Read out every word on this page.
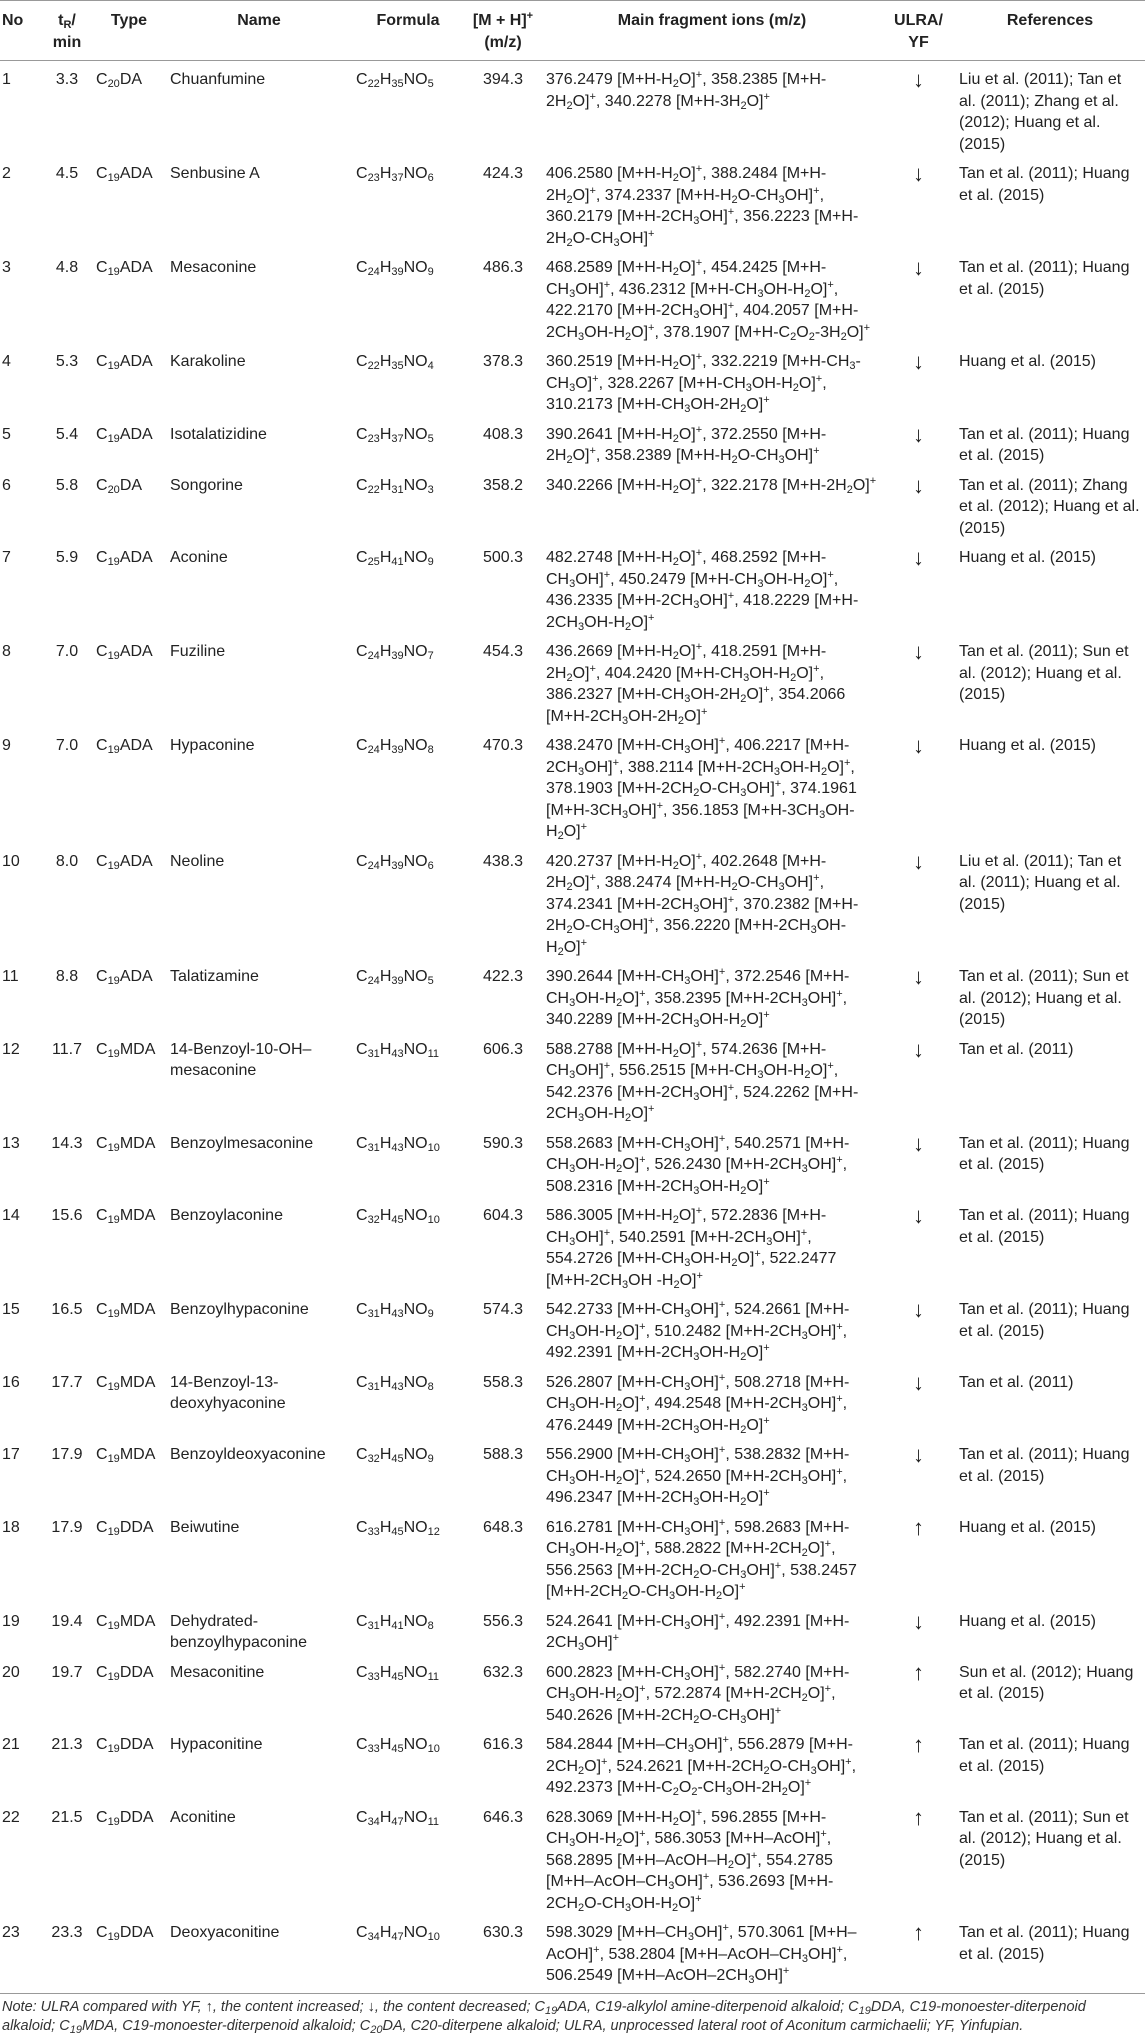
No	$t_R/$ min	Type	Name	Formula	[M + H]+ (m/z)	Main fragment ions (m/z)	ULRA/ YF	References
1	3.3	$C_{20}DA$	Chuanfumine	$C_{22}H_{35}NO_5$	394.3	376.2479 $[M+H-H_2O]^+$, 358.2385 $[M+H-2H_2O]^+$, 340.2278 $[M+H-3H_2O]^+$	↓	Liu et al. (2011); Tan et al. (2011); Zhang et al. (2012); Huang et al. (2015)
2	4.5	$C_{19}ADA$	Senbusine A	$C_{23}H_{37}NO_6$	424.3	406.2580 $[M+H-H_2O]^+$, 388.2484 $[M+H-2H_2O]^+$, 374.2337 $[M+H-H_2O-CH_3OH]^+$, 360.2179 $[M+H-2CH_3OH]^+$, 356.2223 $[M+H-2H_2O-CH_3OH]^+$	↓	Tan et al. (2011); Huang et al. (2015)
3	4.8	$C_{19}ADA$	Mesaconine	$C_{24}H_{39}NO_9$	486.3	468.2589 $[M+H-H_2O]^+$, 454.2425 $[M+H-CH_3OH]^+$, 436.2312 $[M+H-CH_3OH-H_2O]^+$, 422.2170 $[M+H-2CH_3OH]^+$, 404.2057 $[M+H-2CH_3OH-H_2O]^+$, 378.1907 $[M+H-C_2O_2-3H_2O]^+$	↓	Tan et al. (2011); Huang et al. (2015)
4	5.3	$C_{19}ADA$	Karakoline	$C_{22}H_{35}NO_4$	378.3	360.2519 $[M+H-H_2O]^+$, 332.2219 $[M+H-CH_3-CH_3O]^+$, 328.2267 $[M+H-CH_3OH-H_2O]^+$, 310.2173 $[M+H-CH_3OH-2H_2O]^+$	↓	Huang et al. (2015)
5	5.4	$C_{19}ADA$	Isotalatizidine	$C_{23}H_{37}NO_5$	408.3	390.2641 $[M+H-H_2O]^+$, 372.2550 $[M+H-2H_2O]^+$, 358.2389 $[M+H-H_2O-CH_3OH]^+$	↓	Tan et al. (2011); Huang et al. (2015)
6	5.8	$C_{20}DA$	Songorine	$C_{22}H_{31}NO_3$	358.2	340.2266 $[M+H-H_2O]^+$, 322.2178 $[M+H-2H_2O]^+$	↓	Tan et al. (2011); Zhang et al. (2012); Huang et al. (2015)
7	5.9	$C_{19}ADA$	Aconine	$C_{25}H_{41}NO_9$	500.3	482.2748 $[M+H-H_2O]^+$, 468.2592 $[M+H-CH_3OH]^+$, 450.2479 $[M+H-CH_3OH-H_2O]^+$, 436.2335 $[M+H-2CH_3OH]^+$, 418.2229 $[M+H-2CH_3OH-H_2O]^+$	↓	Huang et al. (2015)
8	7.0	$C_{19}ADA$	Fuziline	$C_{24}H_{39}NO_7$	454.3	436.2669 $[M+H-H_2O]^+$, 418.2591 $[M+H-2H_2O]^+$, 404.2420 $[M+H-CH_3OH-H_2O]^+$, 386.2327 $[M+H-CH_3OH-2H_2O]^+$, 354.2066 $[M+H-2CH_3OH-2H_2O]^+$	↓	Tan et al. (2011); Sun et al. (2012); Huang et al. (2015)
9	7.0	$C_{19}ADA$	Hypaconine	$C_{24}H_{39}NO_8$	470.3	438.2470 $[M+H-CH_3OH]^+$, 406.2217 $[M+H-2CH_3OH]^+$, 388.2114 $[M+H-2CH_3OH-H_2O]^+$, 378.1903 $[M+H-2CH_2O-CH_3OH]^+$, 374.1961 $[M+H-3CH_3OH]^+$, 356.1853 $[M+H-3CH_3OH-H_2O]^+$	↓	Huang et al. (2015)
10	8.0	$C_{19}ADA$	Neoline	$C_{24}H_{39}NO_6$	438.3	420.2737 $[M+H-H_2O]^+$, 402.2648 $[M+H-2H_2O]^+$, 388.2474 $[M+H-H_2O-CH_3OH]^+$, 374.2341 $[M+H-2CH_3OH]^+$, 370.2382 $[M+H-2H_2O-CH_3OH]^+$, 356.2220 $[M+H-2CH_3OH-H_2O]^+$	↓	Liu et al. (2011); Tan et al. (2011); Huang et al. (2015)
11	8.8	$C_{19}ADA$	Talatizamine	$C_{24}H_{39}NO_5$	422.3	390.2644 $[M+H-CH_3OH]^+$, 372.2546 $[M+H-CH_3OH-H_2O]^+$, 358.2395 $[M+H-2CH_3OH]^+$, 340.2289 $[M+H-2CH_3OH-H_2O]^+$	↓	Tan et al. (2011); Sun et al. (2012); Huang et al. (2015)
12	11.7	$C_{19}MDA$	14-Benzoyl-10-OH–mesaconine	$C_{31}H_{43}NO_{11}$	606.3	588.2788 $[M+H-H_2O]^+$, 574.2636 $[M+H-CH_3OH]^+$, 556.2515 $[M+H-CH_3OH-H_2O]^+$, 542.2376 $[M+H-2CH_3OH]^+$, 524.2262 $[M+H-2CH_3OH-H_2O]^+$	↓	Tan et al. (2011)
13	14.3	$C_{19}MDA$	Benzoylmesaconine	$C_{31}H_{43}NO_{10}$	590.3	558.2683 $[M+H-CH_3OH]^+$, 540.2571 $[M+H-CH_3OH-H_2O]^+$, 526.2430 $[M+H-2CH_3OH]^+$, 508.2316 $[M+H-2CH_3OH-H_2O]^+$	↓	Tan et al. (2011); Huang et al. (2015)
14	15.6	$C_{19}MDA$	Benzoylaconine	$C_{32}H_{45}NO_{10}$	604.3	586.3005 $[M+H-H_2O]^+$, 572.2836 $[M+H-CH_3OH]^+$, 540.2591 $[M+H-2CH_3OH]^+$, 554.2726 $[M+H-CH_3OH-H_2O]^+$, 522.2477 [$M+H-2CH_3OH$ $-H_2O]^+$	↓	Tan et al. (2011); Huang et al. (2015)
15	16.5	$C_{19}MDA$	Benzoylhypaconine	$C_{31}H_{43}NO_9$	574.3	542.2733 $[M+H-CH_3OH]^+$, 524.2661 $[M+H-CH_3OH-H_2O]^+$, 510.2482 $[M+H-2CH_3OH]^+$, 492.2391 $[M+H-2CH_3OH-H_2O]^+$	↓	Tan et al. (2011); Huang et al. (2015)
16	17.7	$C_{19}MDA$	14-Benzoyl-13-deoxyhyaconine	$C_{31}H_{43}NO_8$	558.3	526.2807 $[M+H-CH_3OH]^+$, 508.2718 $[M+H-CH_3OH-H_2O]^+$, 494.2548 $[M+H-2CH_3OH]^+$, 476.2449 $[M+H-2CH_3OH-H_2O]^+$	↓	Tan et al. (2011)
17	17.9	$C_{19}MDA$	Benzoyldeoxyaconine	$C_{32}H_{45}NO_9$	588.3	556.2900 $[M+H-CH_3OH]^+$, 538.2832 $[M+H-CH_3OH-H_2O]^+$, 524.2650 $[M+H-2CH_3OH]^+$, 496.2347 $[M+H-2CH_3OH-H_2O]^+$	↓	Tan et al. (2011); Huang et al. (2015)
18	17.9	$C_{19}DDA$	Beiwutine	$C_{33}H_{45}NO_{12}$	648.3	616.2781 $[M+H-CH_3OH]^+$, 598.2683 $[M+H-CH_3OH-H_2O]^+$, 588.2822 $[M+H-2CH_2O]^+$, 556.2563 $[M+H-2CH_2O-CH_3OH]^+$, 538.2457 $[M+H-2CH_2O-CH_3OH-H_2O]^+$	↑	Huang et al. (2015)
19	19.4	$C_{19}MDA$	Dehydrated-benzoylhypaconine	$C_{31}H_{41}NO_8$	556.3	524.2641 $[M+H-CH_3OH]^+$, 492.2391 $[M+H-2CH_3OH]^+$	↓	Huang et al. (2015)
20	19.7	$C_{19}DDA$	Mesaconitine	$C_{33}H_{45}NO_{11}$	632.3	600.2823 $[M+H-CH_3OH]^+$, 582.2740 $[M+H-CH_3OH-H_2O]^+$, 572.2874 $[M+H-2CH_2O]^+$, 540.2626 $[M+H-2CH_2O-CH_3OH]^+$	↑	Sun et al. (2012); Huang et al. (2015)
21	21.3	$C_{19}DDA$	Hypaconitine	$C_{33}H_{45}NO_{10}$	616.3	584.2844 $[M+H-CH_3OH]^+$, 556.2879 $[M+H-2CH_2O]^+$, 524.2621 $[M+H-2CH_2O-CH_3OH]^+$, 492.2373 $[M+H-C_2O_2-CH_3OH-2H_2O]^+$	↑	Tan et al. (2011); Huang et al. (2015)
22	21.5	$C_{19}DDA$	Aconitine	$C_{34}H_{47}NO_{11}$	646.3	628.3069 $[M+H-H_2O]^+$, 596.2855 $[M+H-CH_3OH-H_2O]^+$, 586.3053 [M+H–AcOH]+, 568.2895 $[M+H-AcOH-H_2O]^+$, 554.2785 $[M+H-AcOH-CH_3OH]^+$, 536.2693 $[M+H-2CH_2O-CH_3OH-H_2O]^+$	↑	Tan et al. (2011); Sun et al. (2012); Huang et al. (2015)
23	23.3	$C_{19}DDA$	Deoxyaconitine	$C_{34}H_{47}NO_{10}$	630.3	598.3029 $[M+H-CH_3OH]^+$, 570.3061 [M+H–AcOH]+, 538.2804 $[M+H-AcOH-CH_3OH]^+$, 506.2549 $[M+H-AcOH-2CH_3OH]^+$	↑	Tan et al. (2011); Huang et al. (2015)
Note: ULRA compared with YF, ↑, the content increased; ↓, the content decreased; $C_{19}ADA$, C19-alkylol amine-diterpenoid alkaloid; $C_{19}DDA$, C19-monoester-diterpenoid alkaloid; $C_{19}MDA$, C19-monoester-diterpenoid alkaloid; $C_{20}DA$, C20-diterpene alkaloid; ULRA, unprocessed lateral root of Aconitum carmichaelii; YF, Yinfupian.
